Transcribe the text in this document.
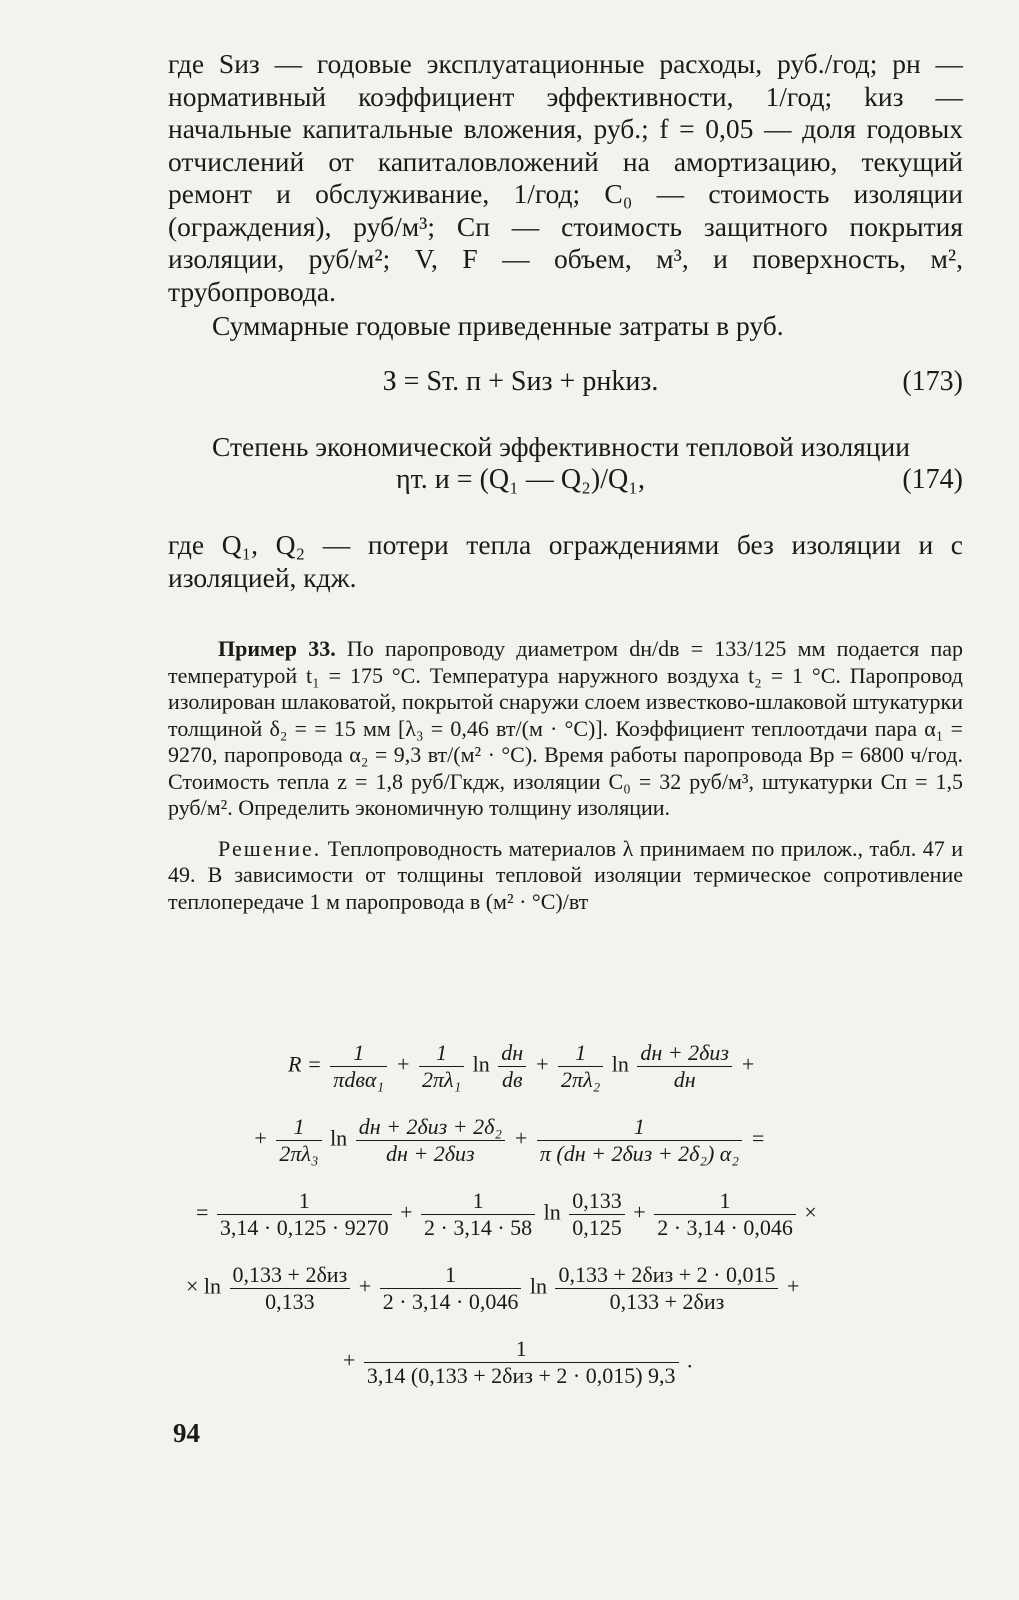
где Sиз — годовые эксплуатационные расходы, руб./год; pн — нормативный коэффициент эффективности, 1/год; kиз — начальные капитальные вложения, руб.; f = 0,05 — доля годовых отчислений от капиталовложений на амортизацию, текущий ремонт и обслуживание, 1/год; C₀ — стоимость изоляции (ограждения), руб/м³; Cп — стоимость защитного покрытия изоляции, руб/м²; V, F — объем, м³, и поверхность, м², трубопровода.

Суммарные годовые приведенные затраты в руб.

З = Sт. п + Sиз + pнkиз.	(173)

Степень экономической эффективности тепловой изоляции

ηт. и = (Q₁ — Q₂)/Q₁,	(174)

где Q₁, Q₂ — потери тепла ограждениями без изоляции и с изоляцией, кдж.

Пример 33. По паропроводу диаметром dн/dв = 133/125 мм подается пар температурой t₁ = 175 °С. Температура наружного воздуха t₂ = 1 °С. Паропровод изолирован шлаковатой, покрытой снаружи слоем известково-шлаковой штукатурки толщиной δ₂ = = 15 мм [λ₃ = 0,46 вт/(м · °С)]. Коэффициент теплоотдачи пара α₁ = 9270, паропровода α₂ = 9,3 вт/(м² · °С). Время работы паропровода Bр = 6800 ч/год. Стоимость тепла z = 1,8 руб/Гкдж, изоляции C₀ = 32 руб/м³, штукатурки Cп = 1,5 руб/м². Определить экономичную толщину изоляции.

Решение. Теплопроводность материалов λ принимаем по прилож., табл. 47 и 49. В зависимости от толщины тепловой изоляции термическое сопротивление теплопередаче 1 м паропровода в (м² · °С)/вт

$R = \frac{1}{\text{πdвα₁}} + \frac{1}{\text{2πλ₁}}$ $\ln \frac{dн}{dв} + \frac{1}{\text{2πλ₂}}$ $\ln \frac{\text{dн + 2δиз}}{dн}$ +
+ $\frac{1}{\text{2πλ₃}}$ $\ln \frac{\text{dн + 2δиз + 2δ₂}}{\text{dн + 2δиз}} + \frac{1}{\text{π (dн + 2δиз + 2δ₂) α₂}}$ =
= $\frac{1}{3,14 \cdot 0,125 \cdot 9270} + \frac{1}{2 \cdot 3,14 \cdot 58}$ $\ln \frac{0,133}{0,125} + \frac{1}{2 \cdot 3,14 \cdot 0,046}$ ×
× $\ln \frac{\text{0,133 + 2δиз}}{0,133} + \frac{1}{2 \cdot 3,14 \cdot 0,046}$ $\ln \frac{\text{0,133 + 2δиз + 2 · 0,015}}{\text{0,133 + 2δиз}}$ +
+ $\frac{1}{\text{3,14 (0,133 + 2δиз + 2 · 0,015) 9,3}}$ .
94
